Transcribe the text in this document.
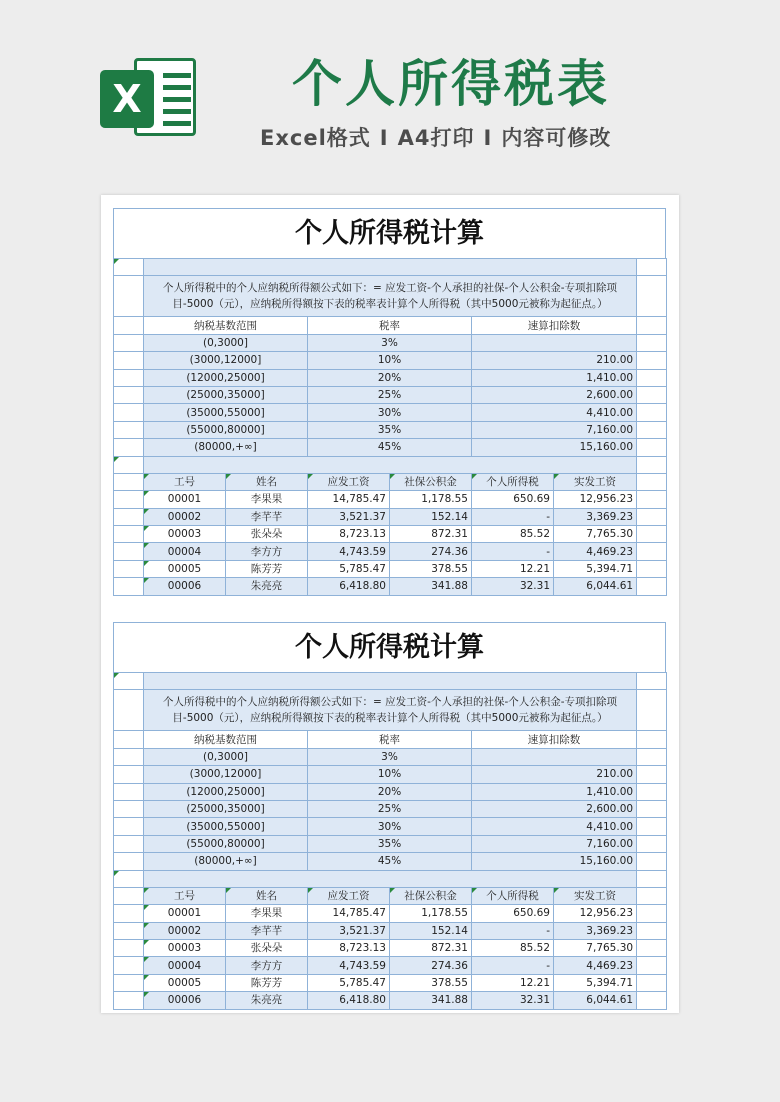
X	个人所得税表
Excel格式 I A4打印 I 内容可修改
个人所得税计算

	个人所得税中的个人应纳税所得额公式如下：= 应发工资-个人承担的社保-个人公积金-专项扣除项目-5000（元），应纳税所得额按下表的税率表计算个人所得税（其中5000元被称为起征点。）						
	纳税基数范围		税率		速算扣除数		
	(0,3000]		3%				
	(3000,12000]		10%		210.00		
	(12000,25000]		20%		1,410.00		
	(25000,35000]		25%		2,600.00		
	(35000,55000]		30%		4,410.00		
	(55000,80000]		35%		7,160.00		
	(80000,+∞]		45%		15,160.00		

	工号	姓名	应发工资	社保公积金	个人所得税	实发工资	
	00001	李果果	14,785.47	1,178.55	650.69	12,956.23	
	00002	李芊芊	3,521.37	152.14	-	3,369.23	
	00003	张朵朵	8,723.13	872.31	85.52	7,765.30	
	00004	李方方	4,743.59	274.36	-	4,469.23	
	00005	陈芳芳	5,785.47	378.55	12.21	5,394.71	
	00006	朱亮亮	6,418.80	341.88	32.31	6,044.61	
个人所得税计算

	个人所得税中的个人应纳税所得额公式如下：= 应发工资-个人承担的社保-个人公积金-专项扣除项目-5000（元），应纳税所得额按下表的税率表计算个人所得税（其中5000元被称为起征点。）						
	纳税基数范围		税率		速算扣除数		
	(0,3000]		3%				
	(3000,12000]		10%		210.00		
	(12000,25000]		20%		1,410.00		
	(25000,35000]		25%		2,600.00		
	(35000,55000]		30%		4,410.00		
	(55000,80000]		35%		7,160.00		
	(80000,+∞]		45%		15,160.00		

	工号	姓名	应发工资	社保公积金	个人所得税	实发工资	
	00001	李果果	14,785.47	1,178.55	650.69	12,956.23	
	00002	李芊芊	3,521.37	152.14	-	3,369.23	
	00003	张朵朵	8,723.13	872.31	85.52	7,765.30	
	00004	李方方	4,743.59	274.36	-	4,469.23	
	00005	陈芳芳	5,785.47	378.55	12.21	5,394.71	
	00006	朱亮亮	6,418.80	341.88	32.31	6,044.61	
